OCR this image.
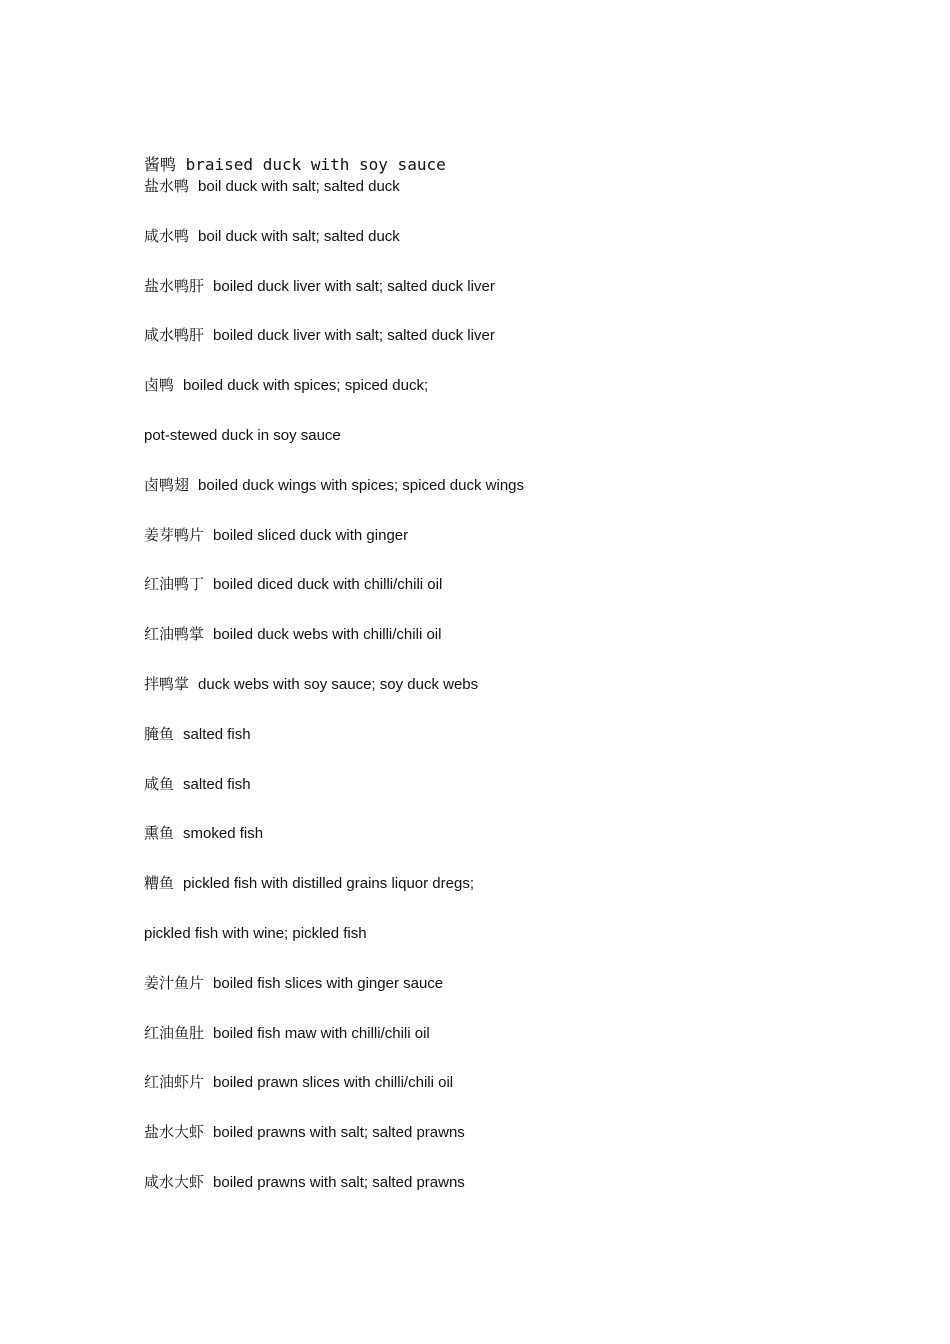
酱鸭 braised duck with soy sauce
盐水鸭 boil duck with salt; salted duck
咸水鸭 boil duck with salt; salted duck
盐水鸭肝 boiled duck liver with salt; salted duck liver
咸水鸭肝 boiled duck liver with salt; salted duck liver
卤鸭 boiled duck with spices; spiced duck;
pot-stewed duck in soy sauce
卤鸭翅 boiled duck wings with spices; spiced duck wings
姜芽鸭片 boiled sliced duck with ginger
红油鸭丁 boiled diced duck with chilli/chili oil
红油鸭掌 boiled duck webs with chilli/chili oil
拌鸭掌 duck webs with soy sauce; soy duck webs
腌鱼 salted fish
咸鱼 salted fish
熏鱼 smoked fish
糟鱼 pickled fish with distilled grains liquor dregs;
pickled fish with wine; pickled fish
姜汁鱼片 boiled fish slices with ginger sauce
红油鱼肚 boiled fish maw with chilli/chili oil
红油虾片 boiled prawn slices with chilli/chili oil
盐水大虾 boiled prawns with salt; salted prawns
咸水大虾 boiled prawns with salt; salted prawns
